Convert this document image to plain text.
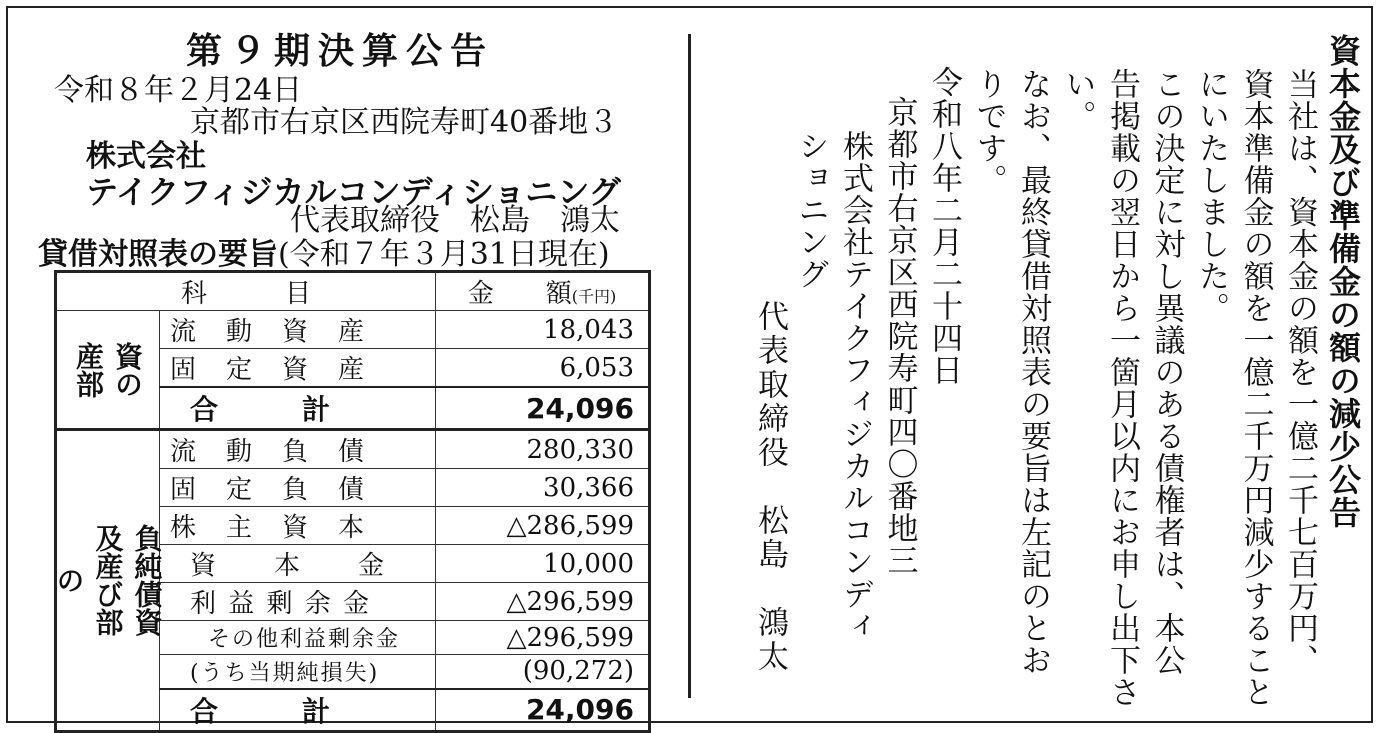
第９期決算公告
令和８年２月24日
京都市右京区西院寿町40番地３
株式会社
テイクフィジカルコンディショニング
代表取締役　松島　鴻太
貸借対照表の要旨(令和７年３月31日現在)
科　　　目		金　　額(千円)

資の
産部	流　動　資　産	18,043
	固　定　資　産	6,053
	合　　　計	24,096

負純債資
及産び部
の	流　動　負　債	280,330
	固　定　負　債	30,366
	株　主　資　本	△286,599
	資　　本　　金	10,000
	利 益 剰 余 金	△296,599
	その他利益剰余金	△296,599
	(うち当期純損失)	(90,272)
	合　　　計	24,096
資本金及び準備金の額の減少公告
当社は、資本金の額を一億二千七百万円、
資本準備金の額を一億二千万円減少すること
にいたしました。
この決定に対し異議のある債権者は、本公
告掲載の翌日から一箇月以内にお申し出下さ
い。
なお、最終貸借対照表の要旨は左記のとお
りです。
令和八年二月二十四日
京都市右京区西院寿町四〇番地三
株式会社テイクフィジカルコンディ
ショニング
代表取締役　松島　鴻太
